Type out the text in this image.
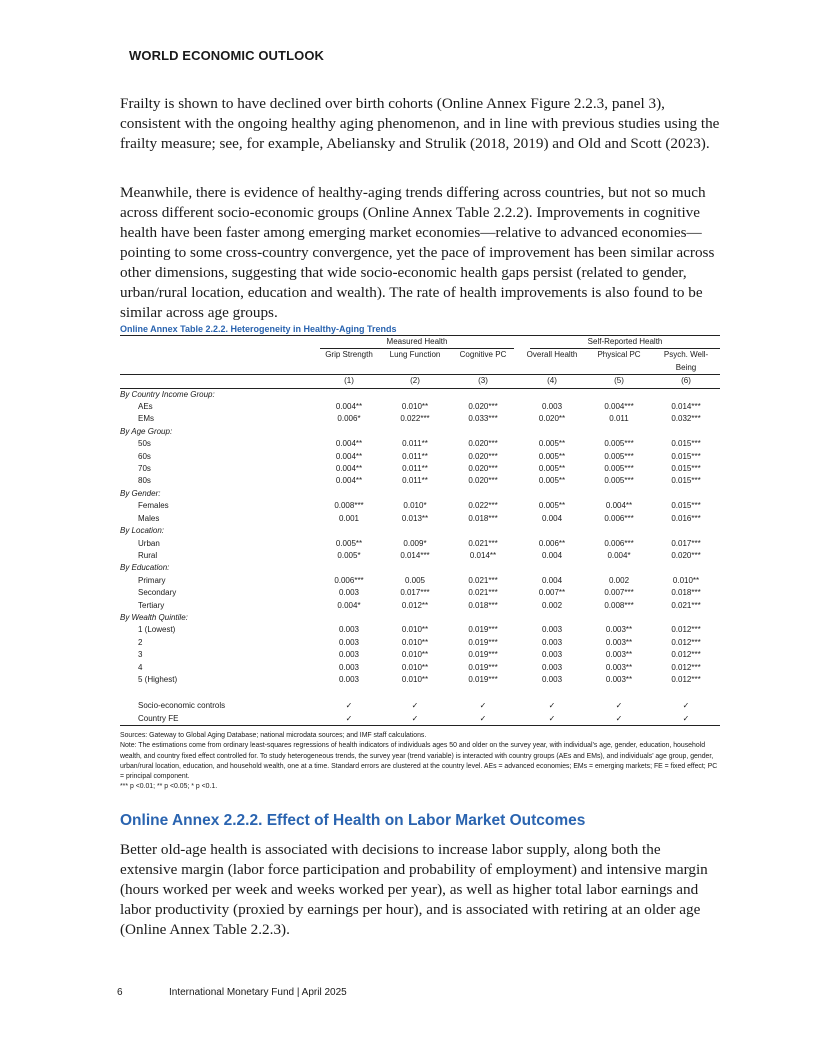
WORLD ECONOMIC OUTLOOK

Frailty is shown to have declined over birth cohorts (Online Annex Figure 2.2.3, panel 3), consistent with the ongoing healthy aging phenomenon, and in line with previous studies using the frailty measure; see, for example, Abeliansky and Strulik (2018, 2019) and Old and Scott (2023).

Meanwhile, there is evidence of healthy-aging trends differing across countries, but not so much across different socio-economic groups (Online Annex Table 2.2.2). Improvements in cognitive health have been faster among emerging market economies—relative to advanced economies—pointing to some cross-country convergence, yet the pace of improvement has been similar across other dimensions, suggesting that wide socio-economic health gaps persist (related to gender, urban/rural location, education and wealth). The rate of health improvements is also found to be similar across age groups.

Online Annex Table 2.2.2. Heterogeneity in Healthy-Aging Trends

	Measured Health			Self-Reported Health		

	Grip Strength	Lung Function	Cognitive PC	Overall Health	Physical PC	Psych. Well-
						Being
	(1)	(2)	(3)	(4)	(5)	(6)
By Country Income Group:						
AEs	0.004**	0.010**	0.020***	0.003	0.004***	0.014***
EMs	0.006*	0.022***	0.033***	0.020**	0.011	0.032***
By Age Group:						
50s	0.004**	0.011**	0.020***	0.005**	0.005***	0.015***
60s	0.004**	0.011**	0.020***	0.005**	0.005***	0.015***
70s	0.004**	0.011**	0.020***	0.005**	0.005***	0.015***
80s	0.004**	0.011**	0.020***	0.005**	0.005***	0.015***
By Gender:						
Females	0.008***	0.010*	0.022***	0.005**	0.004**	0.015***
Males	0.001	0.013**	0.018***	0.004	0.006***	0.016***
By Location:						
Urban	0.005**	0.009*	0.021***	0.006**	0.006***	0.017***
Rural	0.005*	0.014***	0.014**	0.004	0.004*	0.020***
By Education:						
Primary	0.006***	0.005	0.021***	0.004	0.002	0.010**
Secondary	0.003	0.017***	0.021***	0.007**	0.007***	0.018***
Tertiary	0.004*	0.012**	0.018***	0.002	0.008***	0.021***
By Wealth Quintile:						
1 (Lowest)	0.003	0.010**	0.019***	0.003	0.003**	0.012***
2	0.003	0.010**	0.019***	0.003	0.003**	0.012***
3	0.003	0.010**	0.019***	0.003	0.003**	0.012***
4	0.003	0.010**	0.019***	0.003	0.003**	0.012***
5 (Highest)	0.003	0.010**	0.019***	0.003	0.003**	0.012***

Socio-economic controls	✓	✓	✓	✓	✓	✓
Country FE	✓	✓	✓	✓	✓	✓

Sources: Gateway to Global Aging Database; national microdata sources; and IMF staff calculations.

Note: The estimations come from ordinary least-squares regressions of health indicators of individuals ages 50 and older on the survey year, with individual’s age, gender, education, household wealth, and country fixed effect controlled for. To study heterogeneous trends, the survey year (trend variable) is interacted with country groups (AEs and EMs), and individuals’ age group, gender, urban/rural location, education, and household wealth, one at a time. Standard errors are clustered at the country level. AEs = advanced economies; EMs = emerging markets; FE = fixed effect; PC = principal component.

*** p <0.01; ** p <0.05; * p <0.1.

Online Annex 2.2.2. Effect of Health on Labor Market Outcomes

Better old-age health is associated with decisions to increase labor supply, along both the extensive margin (labor force participation and probability of employment) and intensive margin (hours worked per week and weeks worked per year), as well as higher total labor earnings and labor productivity (proxied by earnings per hour), and is associated with retiring at an older age (Online Annex Table 2.2.3).

6	International Monetary Fund | April 2025
